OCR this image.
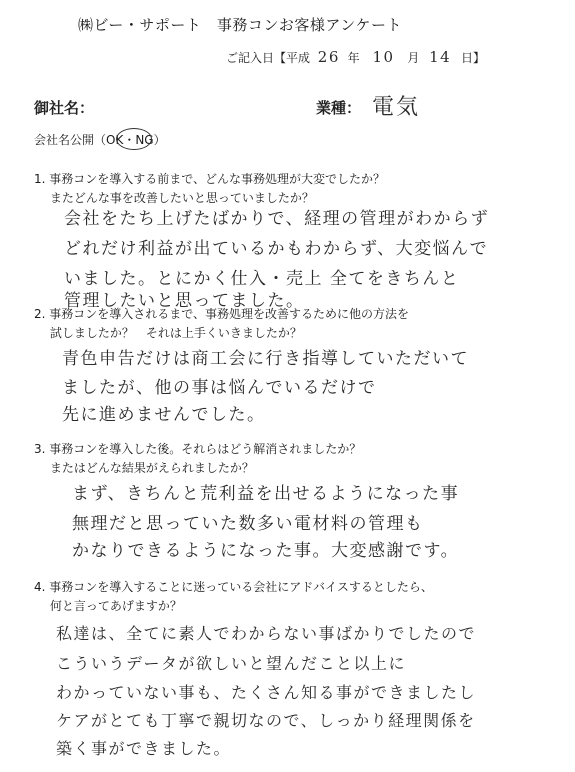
㈱ビー・サポート　事務コンお客様アンケート
ご記入日【平成 26 年 10 月 14 日】
御社名：	業種： 電気
会社名公開（OK・NG）
1. 事務コンを導入する前まで、どんな事務処理が大変でしたか？
　 またどんな事を改善したいと思っていましたか？
会社をたち上げたばかりで、経理の管理がわからず
どれだけ利益が出ているかもわからず、大変悩んで
いました。とにかく仕入・売上 全てをきちんと
管理したいと思ってました。
2. 事務コンを導入されるまで、事務処理を改善するために他の方法を
　 試しましたか？　それは上手くいきましたか？
青色申告だけは商工会に行き指導していただいて
ましたが、他の事は悩んでいるだけで
先に進めませんでした。
3. 事務コンを導入した後。それらはどう解消されましたか？
　 またはどんな結果がえられましたか？
まず、きちんと荒利益を出せるようになった事
無理だと思っていた数多い電材料の管理も
かなりできるようになった事。大変感謝です。
4. 事務コンを導入することに迷っている会社にアドバイスするとしたら、
　 何と言ってあげますか？
私達は、全てに素人でわからない事ばかりでしたので
こういうデータが欲しいと望んだこと以上に
わかっていない事も、たくさん知る事ができましたし
ケアがとても丁寧で親切なので、しっかり経理関係を
築く事ができました。
